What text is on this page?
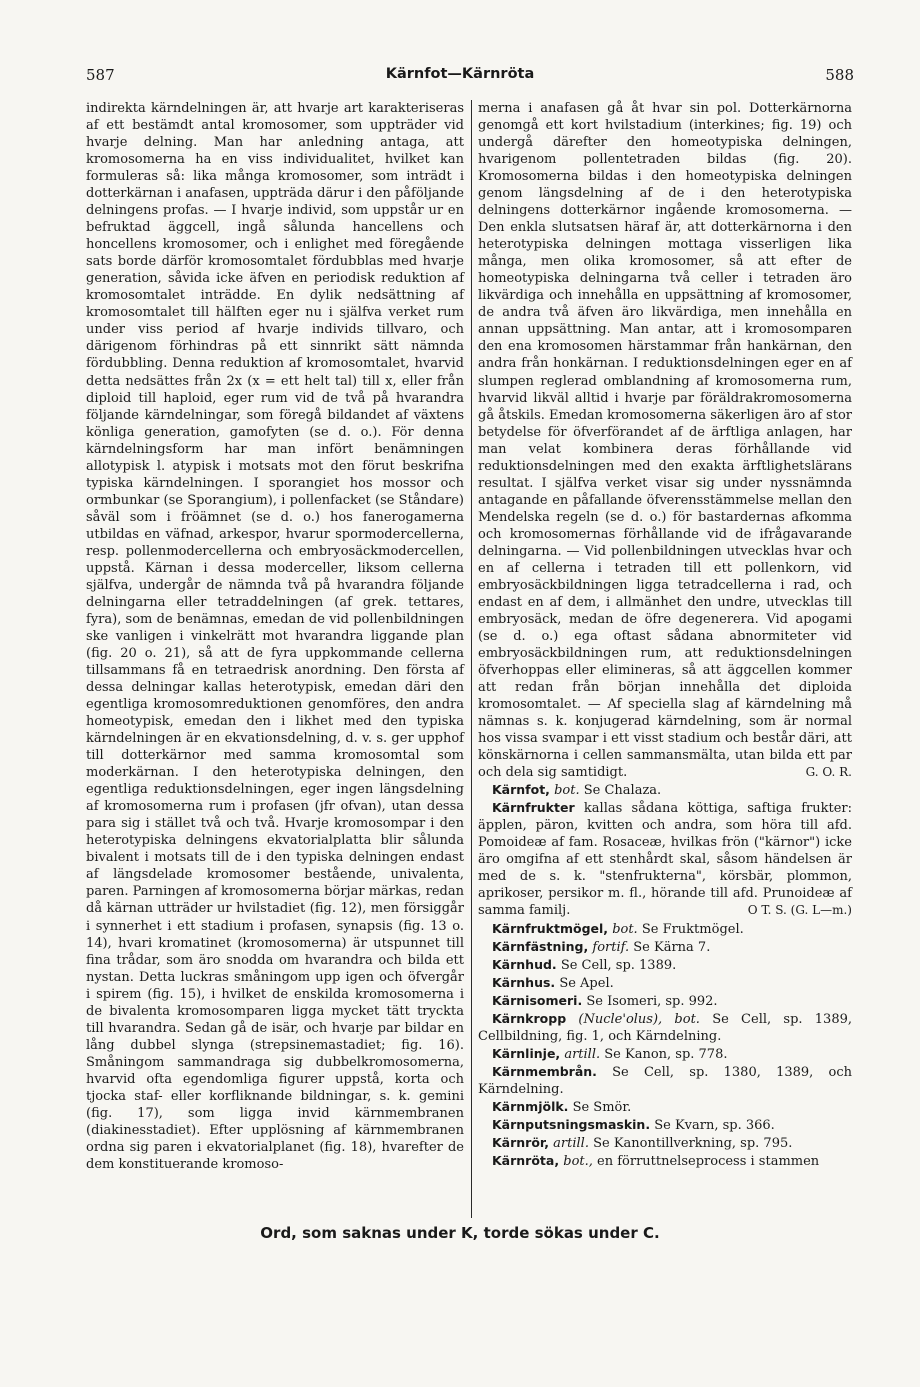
587	Kärnfot—Kärnröta	588

indirekta kärndelningen är, att hvarje art karakteriseras af ett bestämdt antal kromosomer, som uppträder vid hvarje delning. Man har anledning antaga, att kromosomerna ha en viss individualitet, hvilket kan formuleras så: lika många kromosomer, som inträdt i dotterkärnan i anafasen, uppträda därur i den påföljande delningens profas. — I hvarje individ, som uppstår ur en befruktad äggcell, ingå sålunda hancellens och honcellens kromosomer, och i enlighet med föregående sats borde därför kromosomtalet fördubblas med hvarje generation, såvida icke äfven en periodisk reduktion af kromosomtalet inträdde. En dylik nedsättning af kromosomtalet till hälften eger nu i själfva verket rum under viss period af hvarje individs tillvaro, och därigenom förhindras på ett sinnrikt sätt nämnda fördubbling. Denna reduktion af kromosomtalet, hvarvid detta nedsättes från 2x (x = ett helt tal) till x, eller från diploid till haploid, eger rum vid de två på hvarandra följande kärndelningar, som föregå bildandet af växtens könliga generation, gamofyten (se d. o.). För denna kärndelningsform har man infört benämningen allotypisk l. atypisk i motsats mot den förut beskrifna typiska kärndelningen. I sporangiet hos mossor och ormbunkar (se Sporangium), i pollenfacket (se Ståndare) såväl som i fröämnet (se d. o.) hos fanerogamerna utbildas en väfnad, arkespor, hvarur spormodercellerna, resp. pollenmodercellerna och embryosäckmodercellen, uppstå. Kärnan i dessa moderceller, liksom cellerna själfva, undergår de nämnda två på hvarandra följande delningarna eller tetraddelningen (af grek. tettares, fyra), som de benämnas, emedan de vid pollenbildningen ske vanligen i vinkelrätt mot hvarandra liggande plan (fig. 20 o. 21), så att de fyra uppkommande cellerna tillsammans få en tetraedrisk anordning. Den första af dessa delningar kallas heterotypisk, emedan däri den egentliga kromosomreduktionen genomföres, den andra homeotypisk, emedan den i likhet med den typiska kärndelningen är en ekvationsdelning, d. v. s. ger upphof till dotterkärnor med samma kromosomtal som moderkärnan. I den heterotypiska delningen, den egentliga reduktionsdelningen, eger ingen längsdelning af kromosomerna rum i profasen (jfr ofvan), utan dessa para sig i stället två och två. Hvarje kromosompar i den heterotypiska delningens ekvatorialplatta blir sålunda bivalent i motsats till de i den typiska delningen endast af längsdelade kromosomer bestående, univalenta, paren. Parningen af kromosomerna börjar märkas, redan då kärnan utträder ur hvilstadiet (fig. 12), men försiggår i synnerhet i ett stadium i profasen, synapsis (fig. 13 o. 14), hvari kromatinet (kromosomerna) är utspunnet till fina trådar, som äro snodda om hvarandra och bilda ett nystan. Detta luckras småningom upp igen och öfvergår i spirem (fig. 15), i hvilket de enskilda kromosomerna i de bivalenta kromosomparen ligga mycket tätt tryckta till hvarandra. Sedan gå de isär, och hvarje par bildar en lång dubbel slynga (strepsinemastadiet; fig. 16). Småningom sammandraga sig dubbelkromosomerna, hvarvid ofta egendomliga figurer uppstå, korta och tjocka staf- eller korfliknande bildningar, s. k. gemini (fig. 17), som ligga invid kärnmembranen (diakinesstadiet). Efter upplösning af kärnmembranen ordna sig paren i ekvatorialplanet (fig. 18), hvarefter de dem konstituerande kromoso-

merna i anafasen gå åt hvar sin pol. Dotterkärnorna genomgå ett kort hvilstadium (interkines; fig. 19) och undergå därefter den homeotypiska delningen, hvarigenom pollentetraden bildas (fig. 20). Kromosomerna bildas i den homeotypiska delningen genom längsdelning af de i den heterotypiska delningens dotterkärnor ingående kromosomerna. — Den enkla slutsatsen häraf är, att dotterkärnorna i den heterotypiska delningen mottaga visserligen lika många, men olika kromosomer, så att efter de homeotypiska delningarna två celler i tetraden äro likvärdiga och innehålla en uppsättning af kromosomer, de andra två äfven äro likvärdiga, men innehålla en annan uppsättning. Man antar, att i kromosomparen den ena kromosomen härstammar från hankärnan, den andra från honkärnan. I reduktionsdelningen eger en af slumpen reglerad omblandning af kromosomerna rum, hvarvid likväl alltid i hvarje par föräldrakromosomerna gå åtskils. Emedan kromosomerna säkerligen äro af stor betydelse för öfverförandet af de ärftliga anlagen, har man velat kombinera deras förhållande vid reduktionsdelningen med den exakta ärftlighetslärans resultat. I själfva verket visar sig under nyssnämnda antagande en påfallande öfverensstämmelse mellan den Mendelska regeln (se d. o.) för bastardernas afkomma och kromosomernas förhållande vid de ifrågavarande delningarna. — Vid pollenbildningen utvecklas hvar och en af cellerna i tetraden till ett pollenkorn, vid embryosäckbildningen ligga tetradcellerna i rad, och endast en af dem, i allmänhet den undre, utvecklas till embryosäck, medan de öfre degenerera. Vid apogami (se d. o.) ega oftast sådana abnormiteter vid embryosäckbildningen rum, att reduktionsdelningen öfverhoppas eller elimineras, så att äggcellen kommer att redan från början innehålla det diploida kromosomtalet. — Af speciella slag af kärndelning må nämnas s. k. konjugerad kärndelning, som är normal hos vissa svampar i ett visst stadium och består däri, att könskärnorna i cellen sammansmälta, utan bilda ett par och dela sig samtidigt.	G. O. R.

Kärnfot, bot. Se Chalaza.

Kärnfrukter kallas sådana köttiga, saftiga frukter: äpplen, päron, kvitten och andra, som höra till afd. Pomoideæ af fam. Rosaceæ, hvilkas frön ("kärnor") icke äro omgifna af ett stenhårdt skal, såsom händelsen är med de s. k. "stenfrukterna", körsbär, plommon, aprikoser, persikor m. fl., hörande till afd. Prunoideæ af samma familj.	O T. S. (G. L—m.)

Kärnfruktmögel, bot. Se Fruktmögel.

Kärnfästning, fortif. Se Kärna 7.

Kärnhud. Se Cell, sp. 1389.

Kärnhus. Se Apel.

Kärnisomeri. Se Isomeri, sp. 992.

Kärnkropp (Nucle'olus), bot. Se Cell, sp. 1389, Cellbildning, fig. 1, och Kärndelning.

Kärnlinje, artill. Se Kanon, sp. 778.

Kärnmembrån. Se Cell, sp. 1380, 1389, och Kärndelning.

Kärnmjölk. Se Smör.

Kärnputsningsmaskin. Se Kvarn, sp. 366.

Kärnrör, artill. Se Kanontillverkning, sp. 795.

Kärnröta, bot., en förruttnelseprocess i stammen

Ord, som saknas under K, torde sökas under C.
